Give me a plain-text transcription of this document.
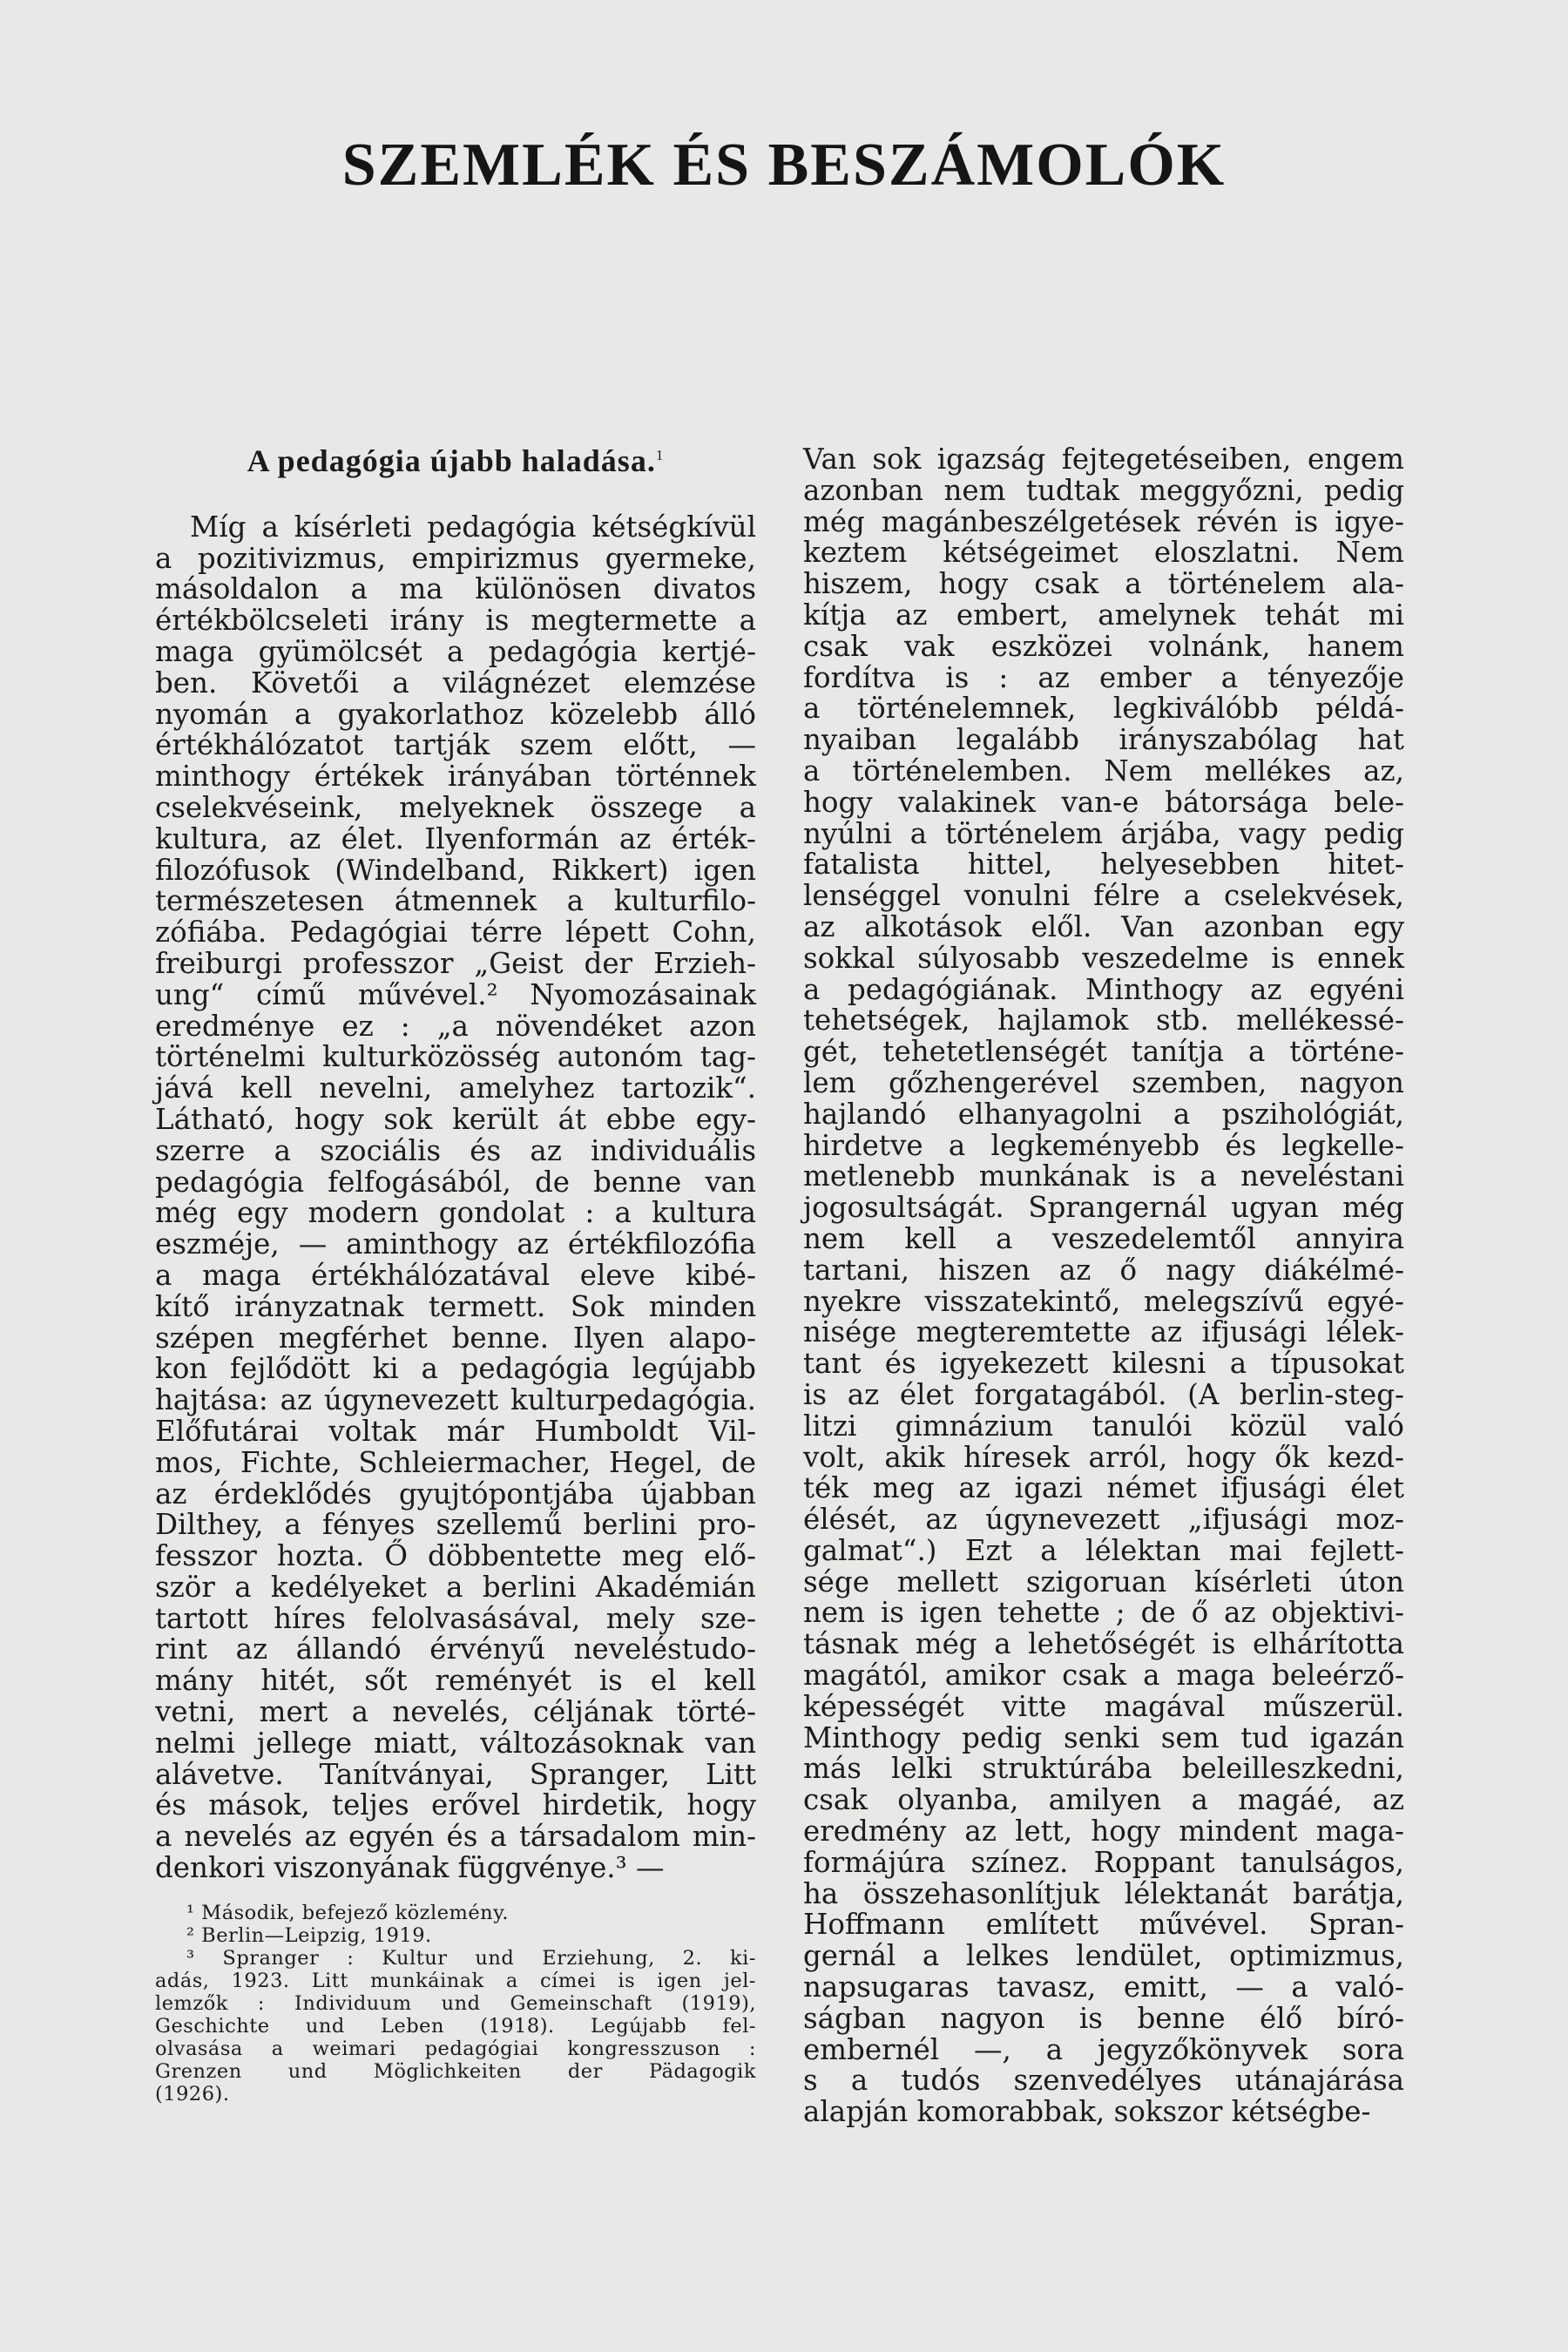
SZEMLÉK ÉS BESZÁMOLÓK
A pedagógia újabb haladása.$^1$
Míg a kísérleti pedagógia kétségkívül
a pozitivizmus, empirizmus gyermeke,
másoldalon a ma különösen divatos
értékbölcseleti irány is megtermette a
maga gyümölcsét a pedagógia kertjé-
ben. Követői a világnézet elemzése
nyomán a gyakorlathoz közelebb álló
értékhálózatot tartják szem előtt, —
minthogy értékek irányában történnek
cselekvéseink, melyeknek összege a
kultura, az élet. Ilyenformán az érték-
filozófusok (Windelband, Rikkert) igen
természetesen átmennek a kulturfilo-
zófiába. Pedagógiai térre lépett Cohn,
freiburgi professzor „Geist der Erzieh-
ung“ című művével.² Nyomozásainak
eredménye ez : „a növendéket azon
történelmi kulturközösség autonóm tag-
jává kell nevelni, amelyhez tartozik“.
Látható, hogy sok került át ebbe egy-
szerre a szociális és az individuális
pedagógia felfogásából, de benne van
még egy modern gondolat : a kultura
eszméje, — aminthogy az értékfilozófia
a maga értékhálózatával eleve kibé-
kítő irányzatnak termett. Sok minden
szépen megférhet benne. Ilyen alapo-
kon fejlődött ki a pedagógia legújabb
hajtása: az úgynevezett kulturpedagógia.
Előfutárai voltak már Humboldt Vil-
mos, Fichte, Schleiermacher, Hegel, de
az érdeklődés gyujtópontjába újabban
Dilthey, a fényes szellemű berlini pro-
fesszor hozta. Ő döbbentette meg elő-
ször a kedélyeket a berlini Akadémián
tartott híres felolvasásával, mely sze-
rint az állandó érvényű neveléstudo-
mány hitét, sőt reményét is el kell
vetni, mert a nevelés, céljának törté-
nelmi jellege miatt, változásoknak van
alávetve. Tanítványai, Spranger, Litt
és mások, teljes erővel hirdetik, hogy
a nevelés az egyén és a társadalom min-
denkori viszonyának függvénye.³ —
¹ Második, befejező közlemény.
² Berlin—Leipzig, 1919.
³ Spranger : Kultur und Erziehung, 2. ki-
adás, 1923. Litt munkáinak a címei is igen jel-
lemzők : Individuum und Gemeinschaft (1919),
Geschichte und Leben (1918). Legújabb fel-
olvasása a weimari pedagógiai kongresszuson :
Grenzen und Möglichkeiten der Pädagogik
(1926).
Van sok igazság fejtegetéseiben, engem
azonban nem tudtak meggyőzni, pedig
még magánbeszélgetések révén is igye-
keztem kétségeimet eloszlatni. Nem
hiszem, hogy csak a történelem ala-
kítja az embert, amelynek tehát mi
csak vak eszközei volnánk, hanem
fordítva is : az ember a tényezője
a történelemnek, legkiválóbb példá-
nyaiban legalább irányszabólag hat
a történelemben. Nem mellékes az,
hogy valakinek van-e bátorsága bele-
nyúlni a történelem árjába, vagy pedig
fatalista hittel, helyesebben hitet-
lenséggel vonulni félre a cselekvések,
az alkotások elől. Van azonban egy
sokkal súlyosabb veszedelme is ennek
a pedagógiának. Minthogy az egyéni
tehetségek, hajlamok stb. mellékessé-
gét, tehetetlenségét tanítja a történe-
lem gőzhengerével szemben, nagyon
hajlandó elhanyagolni a pszihológiát,
hirdetve a legkeményebb és legkelle-
metlenebb munkának is a neveléstani
jogosultságát. Sprangernál ugyan még
nem kell a veszedelemtől annyira
tartani, hiszen az ő nagy diákélmé-
nyekre visszatekintő, melegszívű egyé-
nisége megteremtette az ifjusági lélek-
tant és igyekezett kilesni a típusokat
is az élet forgatagából. (A berlin-steg-
litzi gimnázium tanulói közül való
volt, akik híresek arról, hogy ők kezd-
ték meg az igazi német ifjusági élet
élését, az úgynevezett „ifjusági moz-
galmat“.) Ezt a lélektan mai fejlett-
sége mellett szigoruan kísérleti úton
nem is igen tehette ; de ő az objektivi-
tásnak még a lehetőségét is elhárította
magától, amikor csak a maga beleérző-
képességét vitte magával műszerül.
Minthogy pedig senki sem tud igazán
más lelki struktúrába beleilleszkedni,
csak olyanba, amilyen a magáé, az
eredmény az lett, hogy mindent maga-
formájúra színez. Roppant tanulságos,
ha összehasonlítjuk lélektanát barátja,
Hoffmann említett művével. Spran-
gernál a lelkes lendület, optimizmus,
napsugaras tavasz, emitt, — a való-
ságban nagyon is benne élő bíró-
embernél —, a jegyzőkönyvek sora
s a tudós szenvedélyes utánajárása
alapján komorabbak, sokszor kétségbe-
